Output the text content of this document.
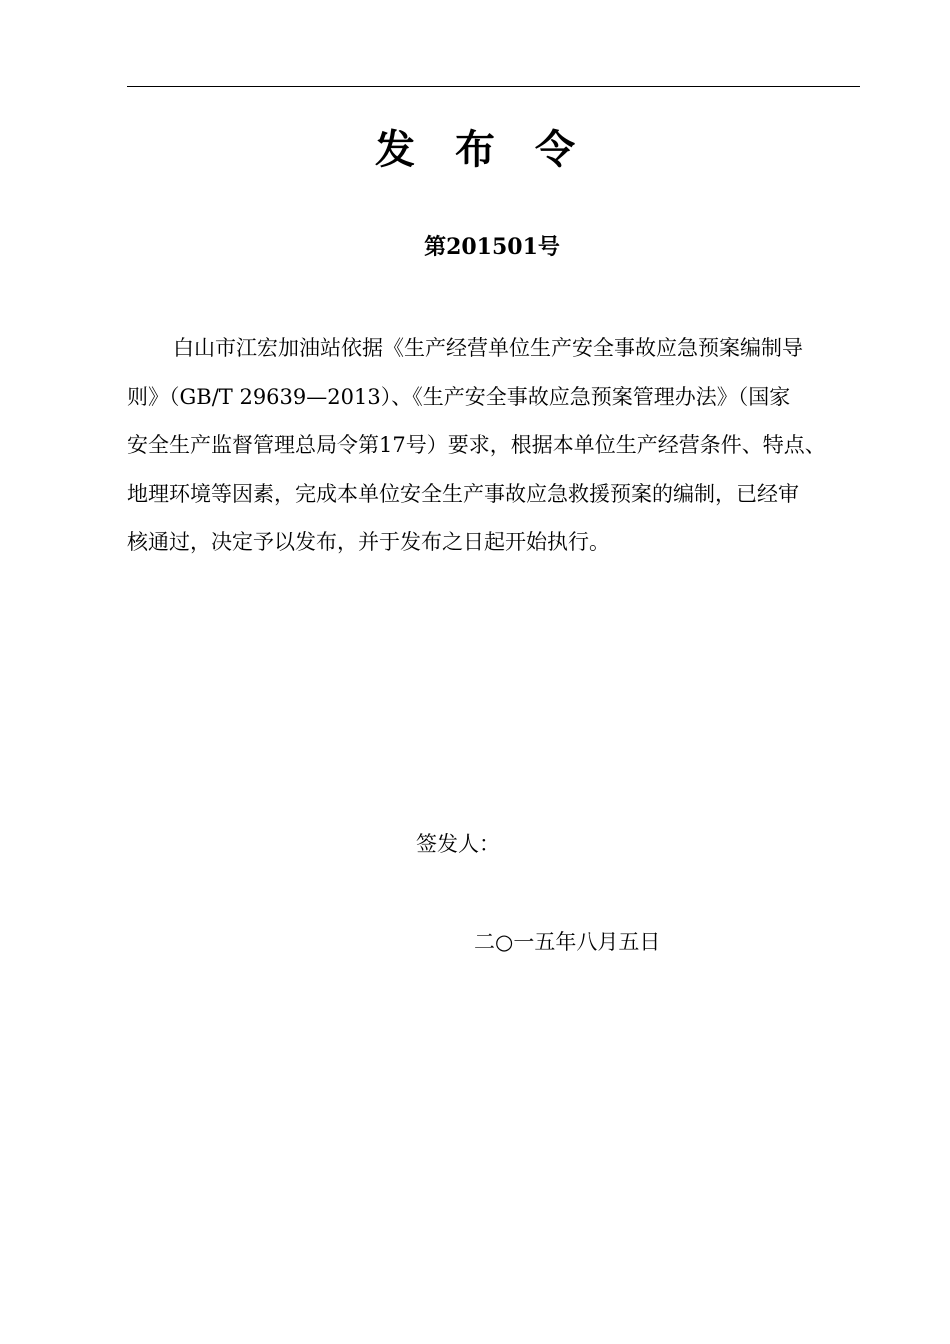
发布令
第201501号
白山市江宏加油站依据《生产经营单位生产安全事故应急预案编制导
则》（GB/T 29639—2013）、《生产安全事故应急预案管理办法》（国家
安全生产监督管理总局令第17号）要求，根据本单位生产经营条件、特点、
地理环境等因素，完成本单位安全生产事故应急救援预案的编制，已经审
核通过，决定予以发布，并于发布之日起开始执行。
签发人：
二○一五年八月五日
